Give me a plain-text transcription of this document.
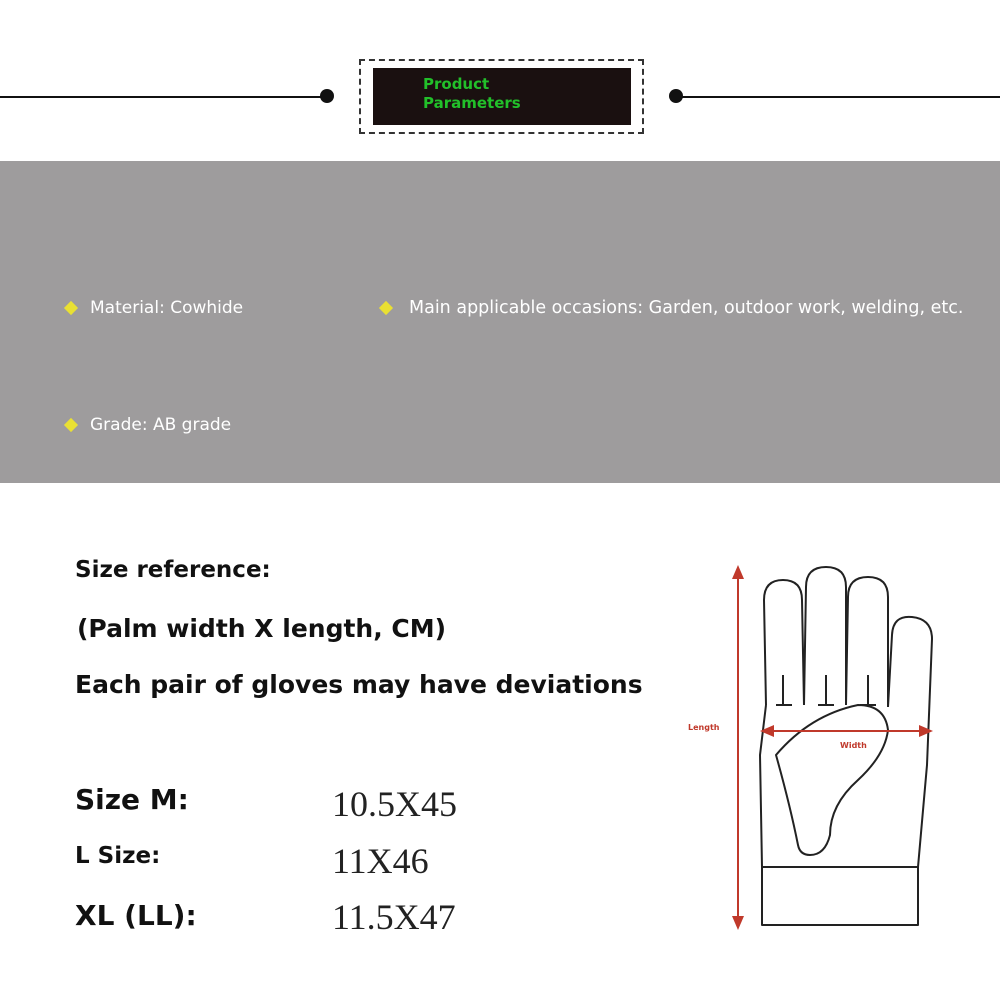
Product
Parameters
Material: Cowhide	Main applicable occasions: Garden, outdoor work, welding, etc.
Grade: AB grade
Size reference:
(Palm width X length, CM)
Each pair of gloves may have deviations
Size M:	10.5X45
L Size:	11X46
XL (LL):	11.5X47
Length
Width
